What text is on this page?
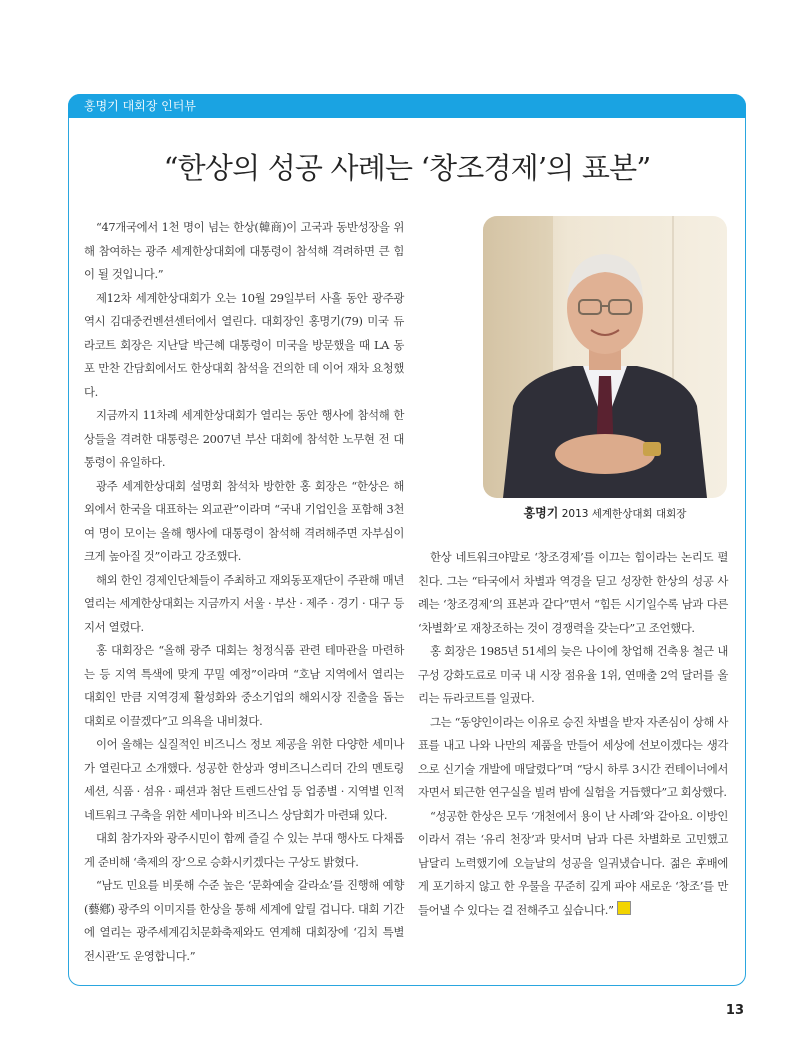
홍명기 대회장 인터뷰
“한상의 성공 사례는 ‘창조경제’의 표본”

“47개국에서 1천 명이 넘는 한상(韓商)이 고국과 동반성장을 위해 참여하는 광주 세계한상대회에 대통령이 참석해 격려하면 큰 힘이 될 것입니다.”

제12차 세계한상대회가 오는 10월 29일부터 사흘 동안 광주광역시 김대중컨벤션센터에서 열린다. 대회장인 홍명기(79) 미국 듀라코트 회장은 지난달 박근혜 대통령이 미국을 방문했을 때 LA 동포 만찬 간담회에서도 한상대회 참석을 건의한 데 이어 재차 요청했다.

지금까지 11차례 세계한상대회가 열리는 동안 행사에 참석해 한상들을 격려한 대통령은 2007년 부산 대회에 참석한 노무현 전 대통령이 유일하다.

광주 세계한상대회 설명회 참석차 방한한 홍 회장은 “한상은 해외에서 한국을 대표하는 외교관”이라며 “국내 기업인을 포함해 3천여 명이 모이는 올해 행사에 대통령이 참석해 격려해주면 자부심이 크게 높아질 것”이라고 강조했다.

해외 한인 경제인단체들이 주최하고 재외동포재단이 주관해 매년 열리는 세계한상대회는 지금까지 서울 · 부산 · 제주 · 경기 · 대구 등지서 열렸다.

홍 대회장은 “올해 광주 대회는 청정식품 관련 테마관을 마련하는 등 지역 특색에 맞게 꾸밀 예정”이라며 “호남 지역에서 열리는 대회인 만큼 지역경제 활성화와 중소기업의 해외시장 진출을 돕는 대회로 이끌겠다”고 의욕을 내비쳤다.

이어 올해는 실질적인 비즈니스 정보 제공을 위한 다양한 세미나가 열린다고 소개했다. 성공한 한상과 영비즈니스리더 간의 멘토링 세션, 식품 · 섬유 · 패션과 첨단 트렌드산업 등 업종별 · 지역별 인적 네트워크 구축을 위한 세미나와 비즈니스 상담회가 마련돼 있다.

대회 참가자와 광주시민이 함께 즐길 수 있는 부대 행사도 다채롭게 준비해 ‘축제의 장’으로 승화시키겠다는 구상도 밝혔다.

“남도 민요를 비롯해 수준 높은 ‘문화예술 갈라쇼’를 진행해 예향(藝鄕) 광주의 이미지를 한상을 통해 세계에 알릴 겁니다. 대회 기간에 열리는 광주세계김치문화축제와도 연계해 대회장에 ‘김치 특별 전시관’도 운영합니다.”

홍명기 2013 세계한상대회 대회장

한상 네트워크야말로 ‘창조경제’를 이끄는 힘이라는 논리도 펼친다. 그는 “타국에서 차별과 역경을 딛고 성장한 한상의 성공 사례는 ‘창조경제’의 표본과 같다”면서 “힘든 시기일수록 남과 다른 ‘차별화’로 재창조하는 것이 경쟁력을 갖는다”고 조언했다.

홍 회장은 1985년 51세의 늦은 나이에 창업해 건축용 철근 내구성 강화도료로 미국 내 시장 점유율 1위, 연매출 2억 달러를 올리는 듀라코트를 일궜다.

그는 “동양인이라는 이유로 승진 차별을 받자 자존심이 상해 사표를 내고 나와 나만의 제품을 만들어 세상에 선보이겠다는 생각으로 신기술 개발에 매달렸다”며 “당시 하루 3시간 컨테이너에서 자면서 퇴근한 연구실을 빌려 밤에 실험을 거듭했다”고 회상했다.

“성공한 한상은 모두 ‘개천에서 용이 난 사례’와 같아요. 이방인이라서 겪는 ‘유리 천장’과 맞서며 남과 다른 차별화로 고민했고 남달리 노력했기에 오늘날의 성공을 일궈냈습니다. 젊은 후배에게 포기하지 않고 한 우물을 꾸준히 깊게 파야 새로운 ‘창조’를 만들어낼 수 있다는 걸 전해주고 싶습니다.”

13
